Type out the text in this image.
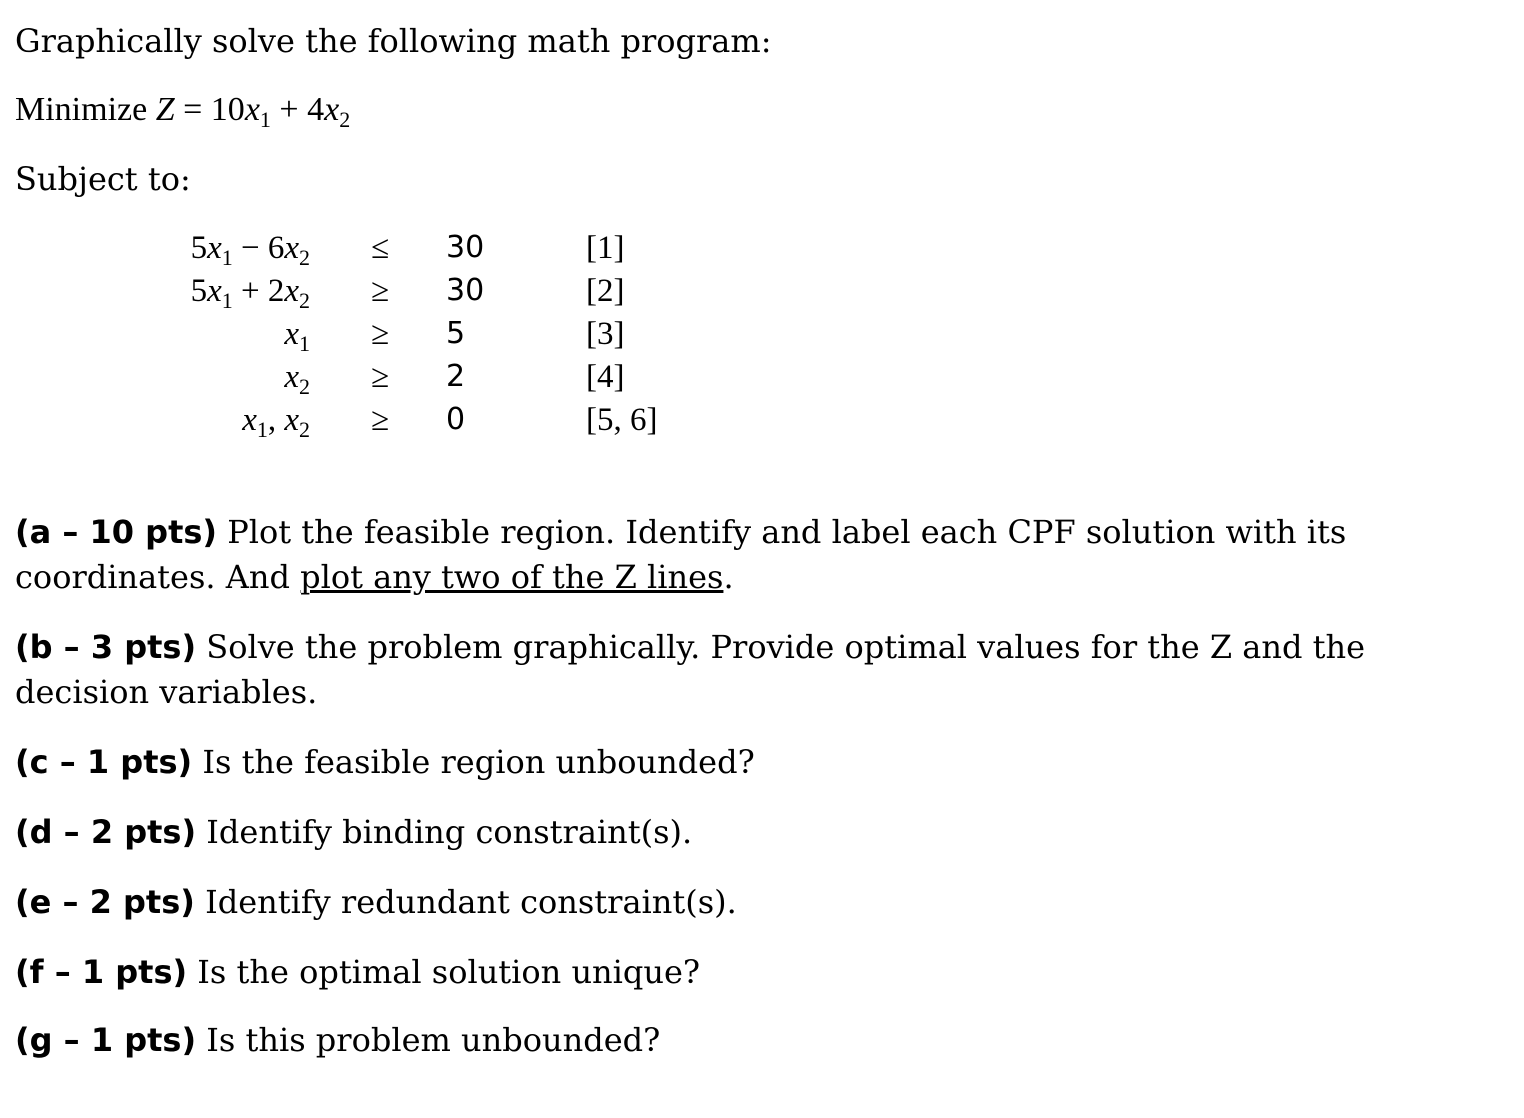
Graphically solve the following math program:
Minimize $Z = 10x_1 + 4x_2$
Subject to:
$5x_1 - 6x_2 \le 30$	[1]
$5x_1 + 2x_2 \ge 30$	[2]
$x_1 \ge 5$	[3]
$x_2 \ge 2$	[4]
$x_1$, $x_2 \ge 0$	[5, 6]
(a – 10 pts) Plot the feasible region. Identify and label each CPF solution with its coordinates. And plot any two of the Z lines.
(b – 3 pts) Solve the problem graphically. Provide optimal values for the Z and the decision variables.
(c – 1 pts) Is the feasible region unbounded?
(d – 2 pts) Identify binding constraint(s).
(e – 2 pts) Identify redundant constraint(s).
(f – 1 pts) Is the optimal solution unique?
(g – 1 pts) Is this problem unbounded?
